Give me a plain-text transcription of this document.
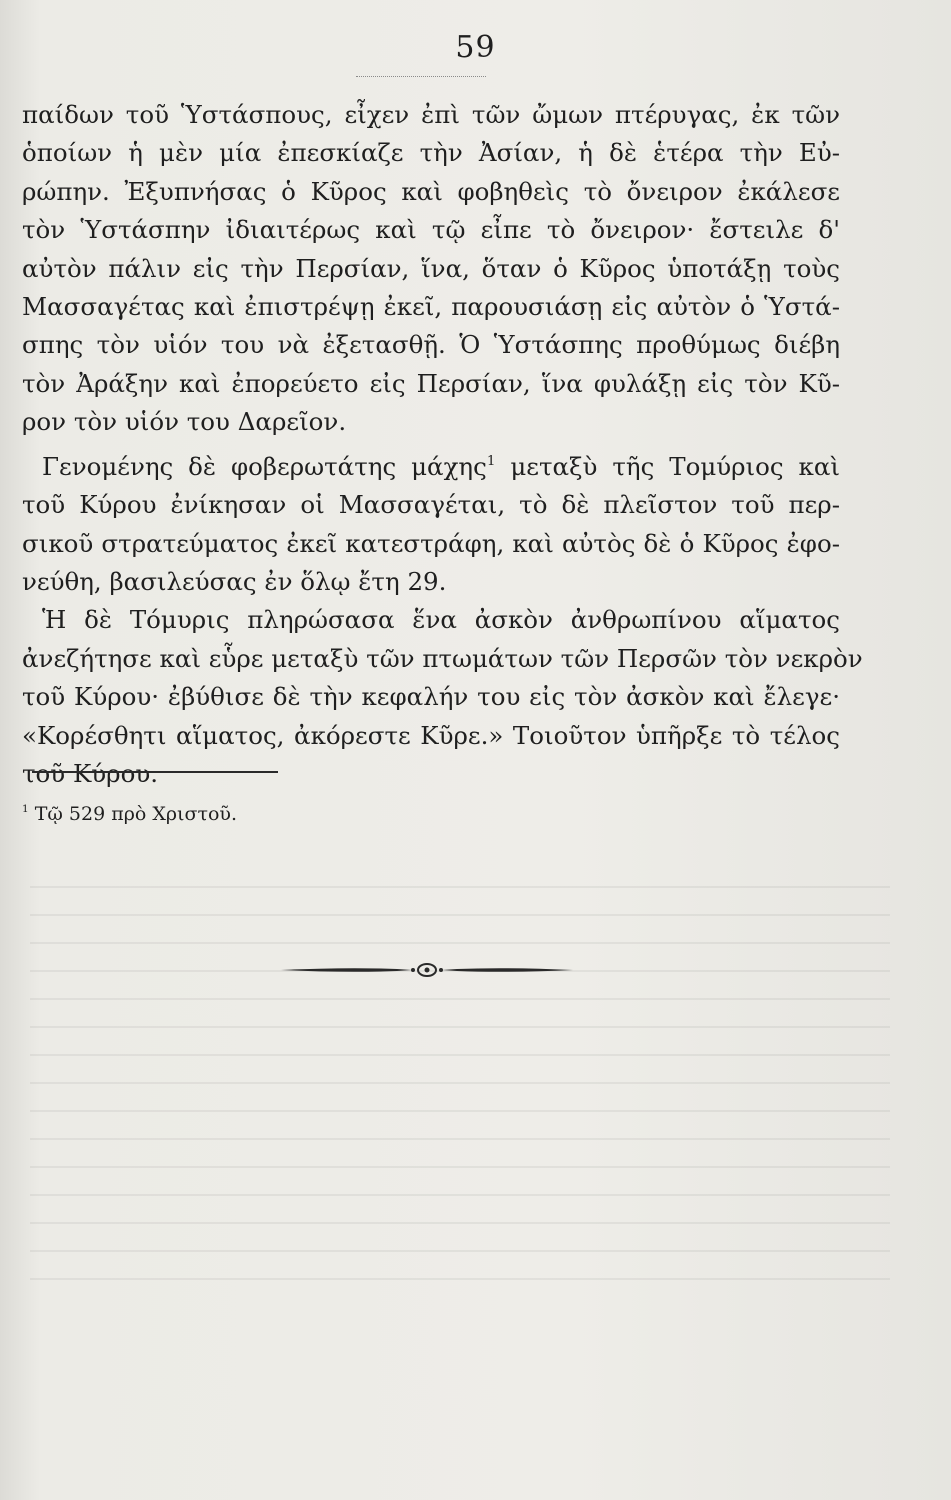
59
παίδων τοῦ Ὑστάσπους, εἶχεν ἐπὶ τῶν ὤμων πτέρυγας, ἐκ τῶν
ὁποίων ἡ μὲν μία ἐπεσκίαζε τὴν Ἀσίαν, ἡ δὲ ἑτέρα τὴν Εὐ-
ρώπην. Ἐξυπνήσας ὁ Κῦρος καὶ φοβηθεὶς τὸ ὄνειρον ἐκάλεσε
τὸν Ὑστάσπην ἰδιαιτέρως καὶ τῷ εἶπε τὸ ὄνειρον· ἔστειλε δ'
αὐτὸν πάλιν εἰς τὴν Περσίαν, ἵνα, ὅταν ὁ Κῦρος ὑποτάξῃ τοὺς
Μασσαγέτας καὶ ἐπιστρέψῃ ἐκεῖ, παρουσιάσῃ εἰς αὐτὸν ὁ Ὑστά-
σπης τὸν υἱόν του νὰ ἐξετασθῇ. Ὁ Ὑστάσπης προθύμως διέβη
τὸν Ἀράξην καὶ ἐπορεύετο εἰς Περσίαν, ἵνα φυλάξῃ εἰς τὸν Κῦ-
ρον τὸν υἱόν του Δαρεῖον.
Γενομένης δὲ φοβερωτάτης μάχης$^1$ μεταξὺ τῆς Τομύριος καὶ
τοῦ Κύρου ἐνίκησαν οἱ Μασσαγέται, τὸ δὲ πλεῖστον τοῦ περ-
σικοῦ στρατεύματος ἐκεῖ κατεστράφη, καὶ αὐτὸς δὲ ὁ Κῦρος ἐφο-
νεύθη, βασιλεύσας ἐν ὅλῳ ἔτη 29.
Ἡ δὲ Τόμυρις πληρώσασα ἕνα ἀσκὸν ἀνθρωπίνου αἵματος
ἀνεζήτησε καὶ εὗρε μεταξὺ τῶν πτωμάτων τῶν Περσῶν τὸν νεκρὸν
τοῦ Κύρου· ἐβύθισε δὲ τὴν κεφαλήν του εἰς τὸν ἀσκὸν καὶ ἔλεγε·
«Κορέσθητι αἵματος, ἀκόρεστε Κῦρε.» Τοιοῦτον ὑπῆρξε τὸ τέλος
τοῦ Κύρου.
$^1$ Τῷ 529 πρὸ Χριστοῦ.
